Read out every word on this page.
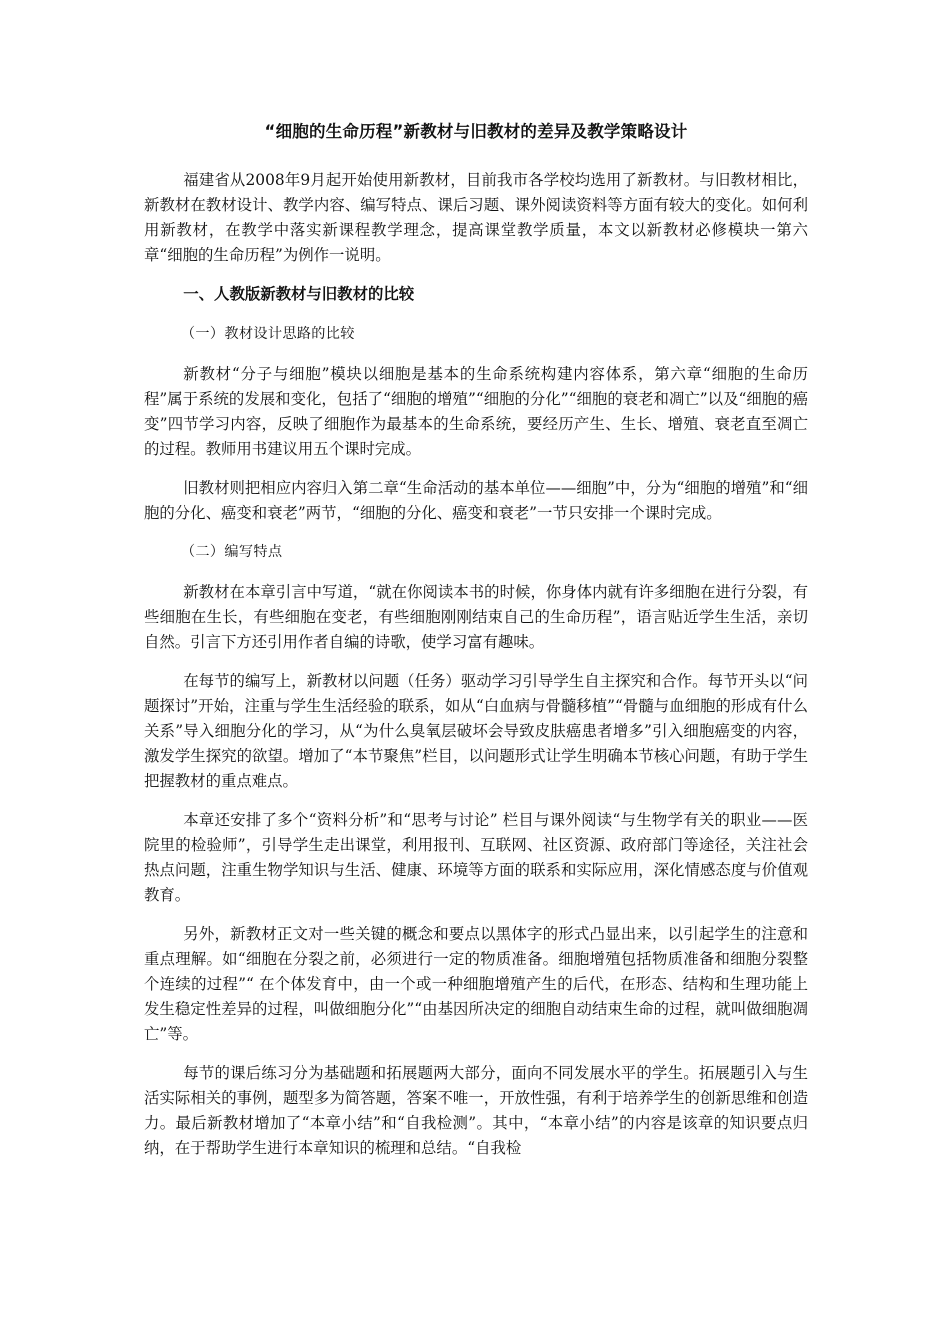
“细胞的生命历程”新教材与旧教材的差异及教学策略设计

福建省从2008年9月起开始使用新教材，目前我市各学校均选用了新教材。与旧教材相比，新教材在教材设计、教学内容、编写特点、课后习题、课外阅读资料等方面有较大的变化。如何利用新教材，在教学中落实新课程教学理念，提高课堂教学质量，本文以新教材必修模块一第六章“细胞的生命历程”为例作一说明。

一、人教版新教材与旧教材的比较
（一）教材设计思路的比较

新教材“分子与细胞”模块以细胞是基本的生命系统构建内容体系，第六章“细胞的生命历程”属于系统的发展和变化，包括了“细胞的增殖”“细胞的分化”“细胞的衰老和凋亡”以及“细胞的癌变”四节学习内容，反映了细胞作为最基本的生命系统，要经历产生、生长、增殖、衰老直至凋亡的过程。教师用书建议用五个课时完成。

旧教材则把相应内容归入第二章“生命活动的基本单位——细胞”中，分为“细胞的增殖”和“细胞的分化、癌变和衰老”两节，“细胞的分化、癌变和衰老”一节只安排一个课时完成。

（二）编写特点

新教材在本章引言中写道，“就在你阅读本书的时候，你身体内就有许多细胞在进行分裂，有些细胞在生长，有些细胞在变老，有些细胞刚刚结束自己的生命历程”，语言贴近学生生活，亲切自然。引言下方还引用作者自编的诗歌，使学习富有趣味。

在每节的编写上，新教材以问题（任务）驱动学习引导学生自主探究和合作。每节开头以“问题探讨”开始，注重与学生生活经验的联系，如从“白血病与骨髓移植”“骨髓与血细胞的形成有什么关系”导入细胞分化的学习，从“为什么臭氧层破坏会导致皮肤癌患者增多”引入细胞癌变的内容，激发学生探究的欲望。增加了“本节聚焦”栏目，以问题形式让学生明确本节核心问题，有助于学生把握教材的重点难点。

本章还安排了多个“资料分析”和“思考与讨论” 栏目与课外阅读“与生物学有关的职业——医院里的检验师”，引导学生走出课堂，利用报刊、互联网、社区资源、政府部门等途径，关注社会热点问题，注重生物学知识与生活、健康、环境等方面的联系和实际应用，深化情感态度与价值观教育。

另外，新教材正文对一些关键的概念和要点以黑体字的形式凸显出来，以引起学生的注意和重点理解。如“细胞在分裂之前，必须进行一定的物质准备。细胞增殖包括物质准备和细胞分裂整个连续的过程”“ 在个体发育中，由一个或一种细胞增殖产生的后代，在形态、结构和生理功能上发生稳定性差异的过程，叫做细胞分化”“由基因所决定的细胞自动结束生命的过程，就叫做细胞凋亡”等。

每节的课后练习分为基础题和拓展题两大部分，面向不同发展水平的学生。拓展题引入与生活实际相关的事例，题型多为简答题，答案不唯一，开放性强，有利于培养学生的创新思维和创造力。最后新教材增加了“本章小结”和“自我检测”。其中，“本章小结”的内容是该章的知识要点归纳，在于帮助学生进行本章知识的梳理和总结。“自我检
